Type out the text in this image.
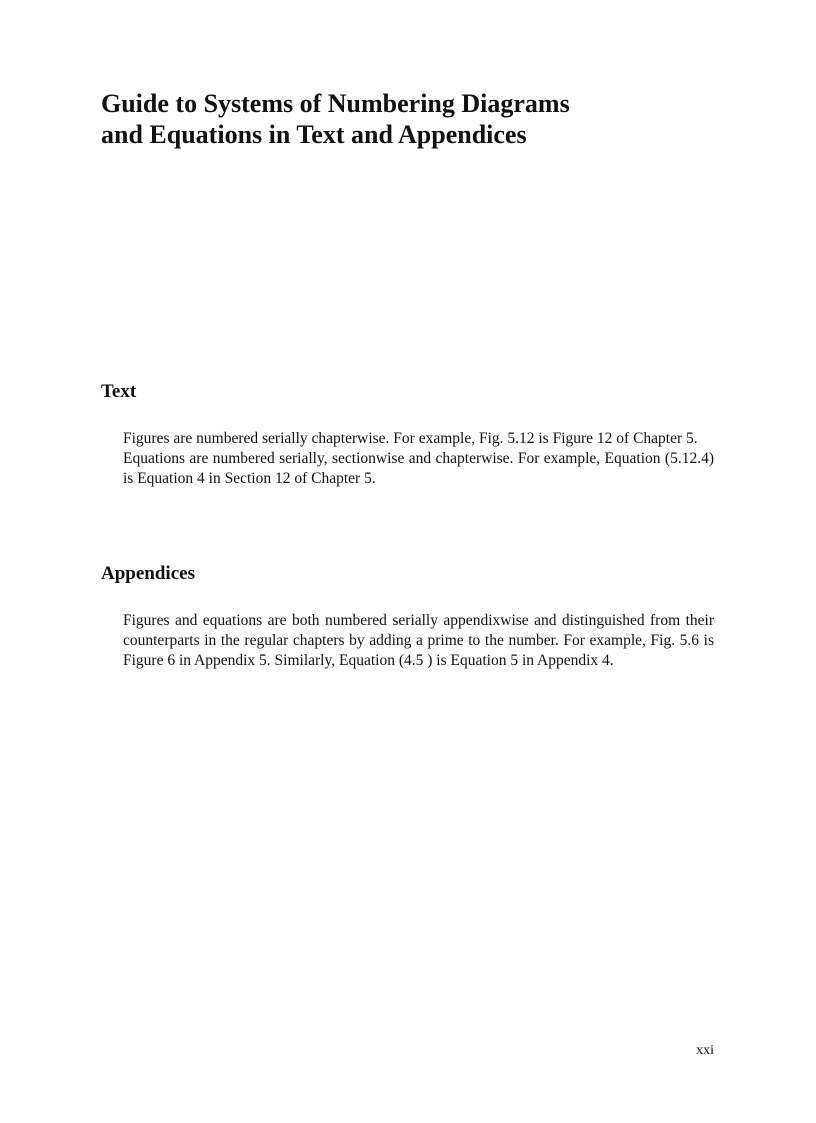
Guide to Systems of Numbering Diagrams
and Equations in Text and Appendices
Text

Figures are numbered serially chapterwise. For example, Fig. 5.12 is Figure 12 of Chapter 5.

Equations are numbered serially, sectionwise and chapterwise. For example, Equation (5.12.4) is Equation 4 in Section 12 of Chapter 5.

Appendices

Figures and equations are both numbered serially appendixwise and distinguished from their counterparts in the regular chapters by adding a prime to the number. For example, Fig. 5.6 is Figure 6 in Appendix 5. Similarly, Equation (4.5 ) is Equation 5 in Appendix 4.

xxi
